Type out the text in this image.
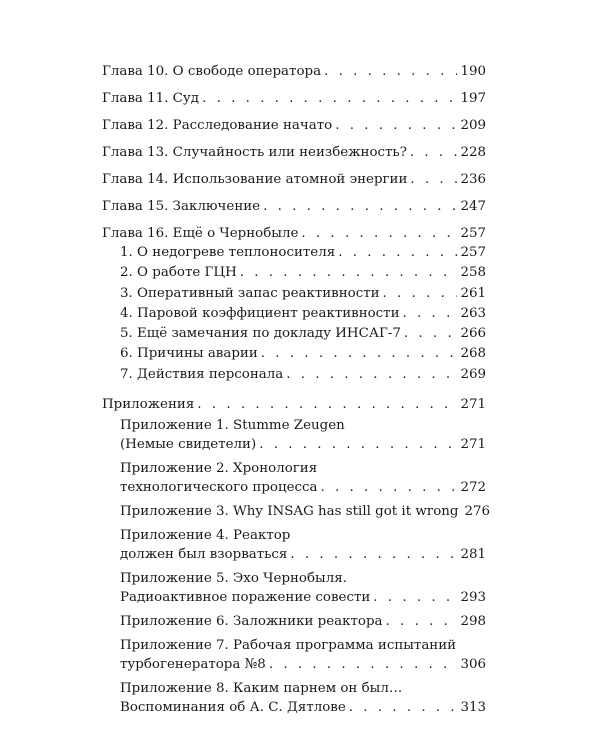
Глава 10. О свободе оператора . . .	190
Глава 11. Суд . . .	197
Глава 12. Расследование начато . . .	209
Глава 13. Случайность или неизбежность? . . .	228
Глава 14. Использование атомной энергии . . .	236
Глава 15. Заключение . . .	247
Глава 16. Ещё о Чернобыле . . .	257
1. О недогреве теплоносителя . . .	257
2. О работе ГЦН . . .	258
3. Оперативный запас реактивности . . .	261
4. Паровой коэффициент реактивности . . .	263
5. Ещё замечания по докладу ИНСАГ-7 . . .	266
6. Причины аварии . . .	268
7. Действия персонала . . .	269
Приложения . . .	271
Приложение 1. Stumme Zeugen
(Немые свидетели) . . .	271
Приложение 2. Хронология
технологического процесса . . .	272
Приложение 3. Why INSAG has still got it wrong 276
Приложение 4. Реактор
должен был взорваться . . .	281
Приложение 5. Эхо Чернобыля.
Радиоактивное поражение совести . . .	293
Приложение 6. Заложники реактора . . .	298
Приложение 7. Рабочая программа испытаний
турбогенератора №8 . . .	306
Приложение 8. Каким парнем он был…
Воспоминания об А. С. Дятлове . . .	313
